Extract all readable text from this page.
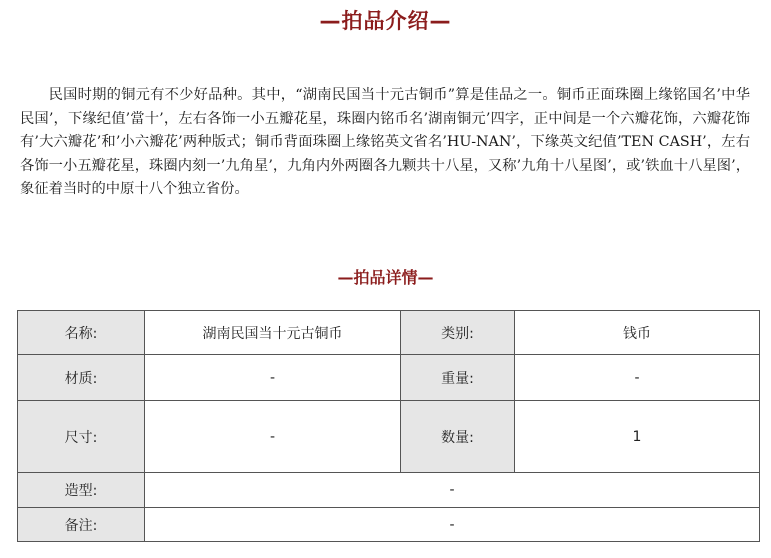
—拍品介绍—

民国时期的铜元有不少好品种。其中，“湖南民国当十元古铜币”算是佳品之一。铜币正面珠圈上缘铭国名’中华民国’，下缘纪值’當十’，左右各饰一小五瓣花星，珠圈内铭币名’湖南铜元’四字，正中间是一个六瓣花饰，六瓣花饰有’大六瓣花’和’小六瓣花’两种版式；铜币背面珠圈上缘铭英文省名’HU-NAN’，下缘英文纪值’TEN CASH’，左右各饰一小五瓣花星，珠圈内刻一’九角星’，九角内外两圈各九颗共十八星，又称’九角十八星图’，或’铁血十八星图’，象征着当时的中原十八个独立省份。

—拍品详情—
名称:	湖南民国当十元古铜币	类别:	钱币
材质:	-	重量:	-
尺寸:	-	数量:	1
造型:	-		
备注:	-		
